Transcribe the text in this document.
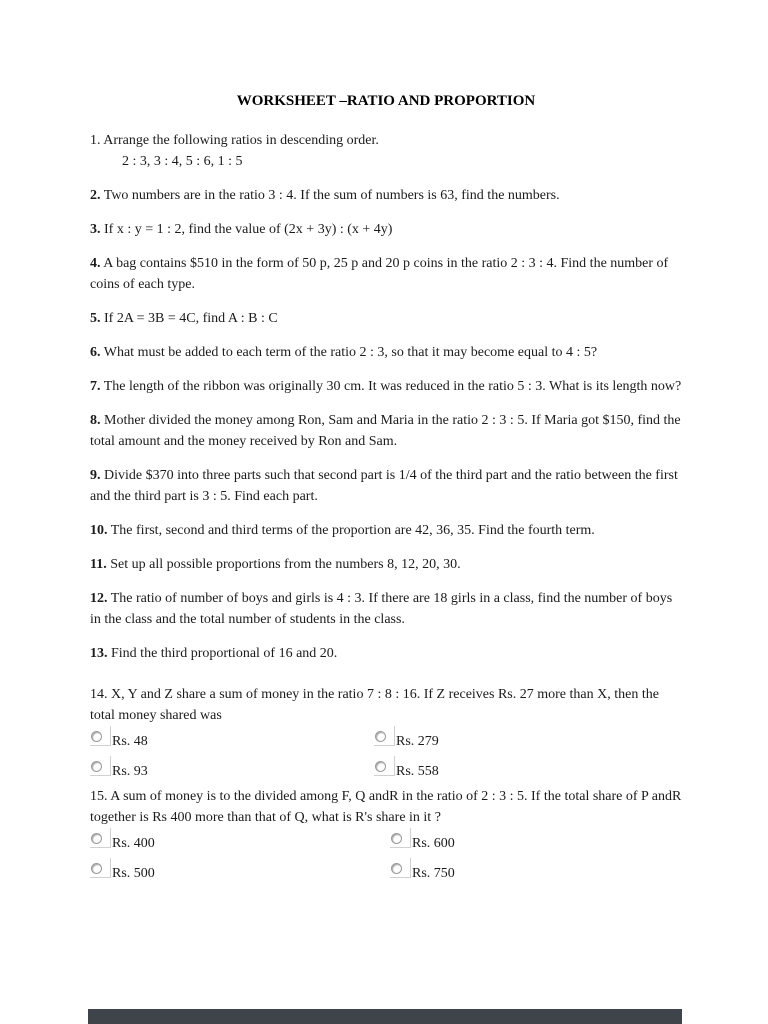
WORKSHEET –RATIO AND PROPORTION

1. Arrange the following ratios in descending order.
2 : 3, 3 : 4, 5 : 6, 1 : 5

2. Two numbers are in the ratio 3 : 4. If the sum of numbers is 63, find the numbers.

3. If x : y = 1 : 2, find the value of (2x + 3y) : (x + 4y)

4. A bag contains $510 in the form of 50 p, 25 p and 20 p coins in the ratio 2 : 3 : 4. Find the number of coins of each type.

5. If 2A = 3B = 4C, find A : B : C

6. What must be added to each term of the ratio 2 : 3, so that it may become equal to 4 : 5?

7. The length of the ribbon was originally 30 cm. It was reduced in the ratio 5 : 3. What is its length now?

8. Mother divided the money among Ron, Sam and Maria in the ratio 2 : 3 : 5. If Maria got $150, find the total amount and the money received by Ron and Sam.

9. Divide $370 into three parts such that second part is 1/4 of the third part and the ratio between the first and the third part is 3 : 5. Find each part.

10. The first, second and third terms of the proportion are 42, 36, 35. Find the fourth term.

11. Set up all possible proportions from the numbers 8, 12, 20, 30.

12. The ratio of number of boys and girls is 4 : 3. If there are 18 girls in a class, find the number of boys in the class and the total number of students in the class.

13. Find the third proportional of 16 and 20.

14. X, Y and Z share a sum of money in the ratio 7 : 8 : 16. If Z receives Rs. 27 more than X, then the total money shared was

Rs. 48	Rs. 279
Rs. 93	Rs. 558

15. A sum of money is to the divided among F, Q andR in the ratio of 2 : 3 : 5. If the total share of P andR together is Rs 400 more than that of Q, what is R's share in it ?

Rs. 400	Rs. 600
Rs. 500	Rs. 750
